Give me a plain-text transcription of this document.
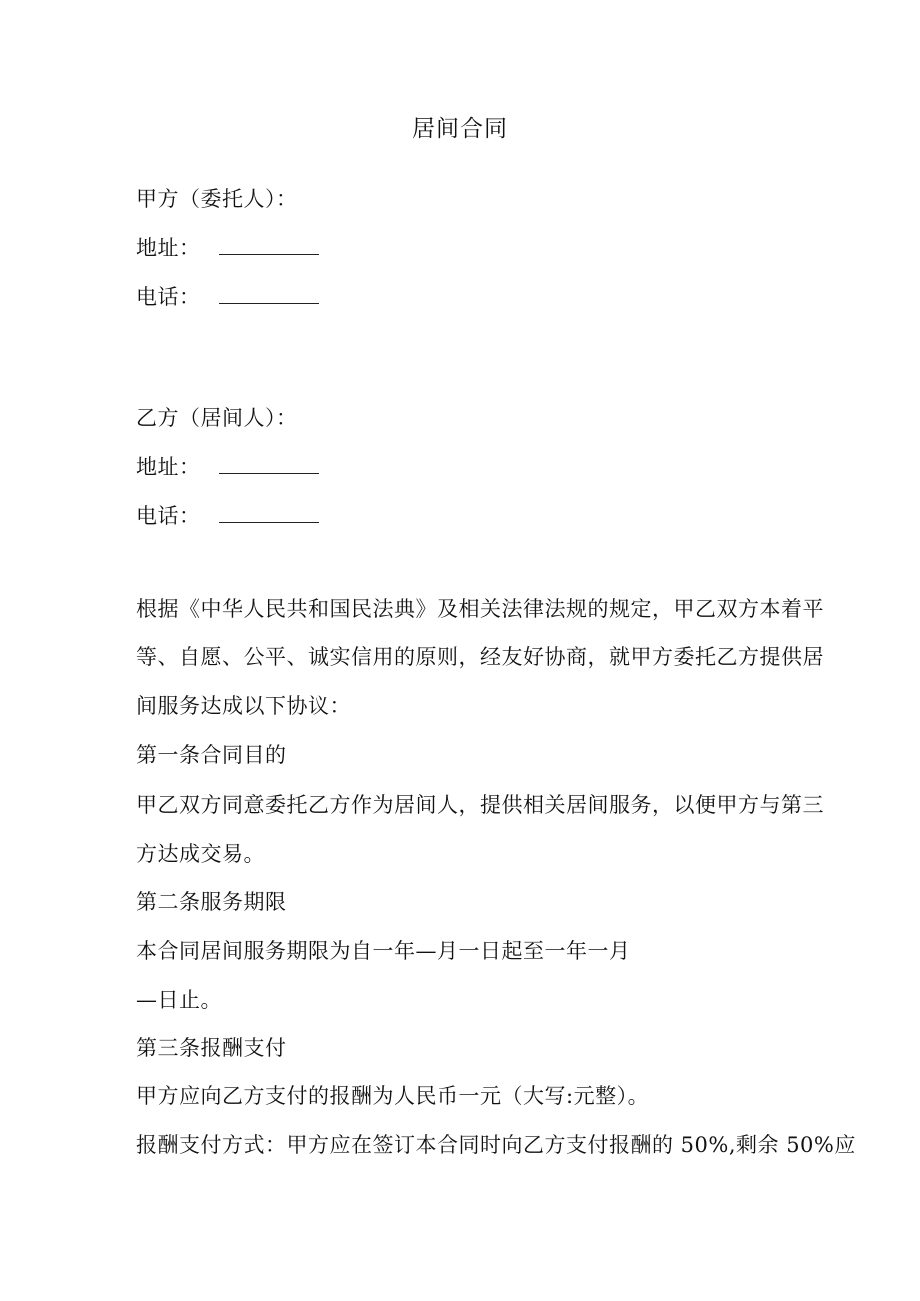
居间合同
甲方（委托人）：
地址：
电话：
乙方（居间人）：
地址：
电话：
根据《中华人民共和国民法典》及相关法律法规的规定，甲乙双方本着平
等、自愿、公平、诚实信用的原则，经友好协商，就甲方委托乙方提供居
间服务达成以下协议：
第一条合同目的
甲乙双方同意委托乙方作为居间人，提供相关居间服务，以便甲方与第三
方达成交易。
第二条服务期限
本合同居间服务期限为自一年—月一日起至一年一月
—日止。
第三条报酬支付
甲方应向乙方支付的报酬为人民币一元（大写:元整）。
报酬支付方式：甲方应在签订本合同时向乙方支付报酬的 50%,剩余 50%应
